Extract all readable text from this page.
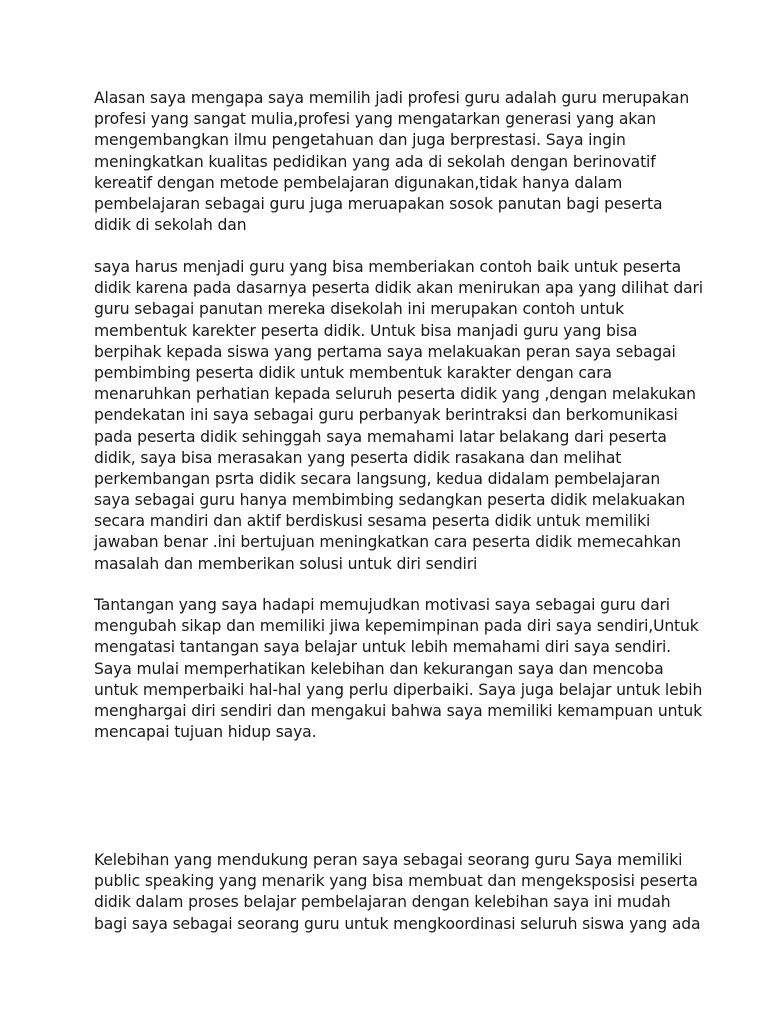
Alasan saya mengapa saya memilih jadi profesi guru adalah guru merupakan
profesi yang sangat mulia,profesi yang mengatarkan generasi yang akan
mengembangkan ilmu pengetahuan dan juga berprestasi. Saya ingin
meningkatkan kualitas pedidikan yang ada di sekolah dengan berinovatif
kereatif dengan metode pembelajaran digunakan,tidak hanya dalam
pembelajaran sebagai guru juga meruapakan sosok panutan bagi peserta
didik di sekolah dan
saya harus menjadi guru yang bisa memberiakan contoh baik untuk peserta
didik karena pada dasarnya peserta didik akan menirukan apa yang dilihat dari
guru sebagai panutan mereka disekolah ini merupakan contoh untuk
membentuk karekter peserta didik. Untuk bisa manjadi guru yang bisa
berpihak kepada siswa yang pertama saya melakuakan peran saya sebagai
pembimbing peserta didik untuk membentuk karakter dengan cara
menaruhkan perhatian kepada seluruh peserta didik yang ,dengan melakukan
pendekatan ini saya sebagai guru perbanyak berintraksi dan berkomunikasi
pada peserta didik sehinggah saya memahami latar belakang dari peserta
didik, saya bisa merasakan yang peserta didik rasakana dan melihat
perkembangan psrta didik secara langsung, kedua didalam pembelajaran
saya sebagai guru hanya membimbing sedangkan peserta didik melakuakan
secara mandiri dan aktif berdiskusi sesama peserta didik untuk memiliki
jawaban benar .ini bertujuan meningkatkan cara peserta didik memecahkan
masalah dan memberikan solusi untuk diri sendiri
Tantangan yang saya hadapi memujudkan motivasi saya sebagai guru dari
mengubah sikap dan memiliki jiwa kepemimpinan pada diri saya sendiri,Untuk
mengatasi tantangan saya belajar untuk lebih memahami diri saya sendiri.
Saya mulai memperhatikan kelebihan dan kekurangan saya dan mencoba
untuk memperbaiki hal-hal yang perlu diperbaiki. Saya juga belajar untuk lebih
menghargai diri sendiri dan mengakui bahwa saya memiliki kemampuan untuk
mencapai tujuan hidup saya.
Kelebihan yang mendukung peran saya sebagai seorang guru Saya memiliki
public speaking yang menarik yang bisa membuat dan mengeksposisi peserta
didik dalam proses belajar pembelajaran dengan kelebihan saya ini mudah
bagi saya sebagai seorang guru untuk mengkoordinasi seluruh siswa yang ada
